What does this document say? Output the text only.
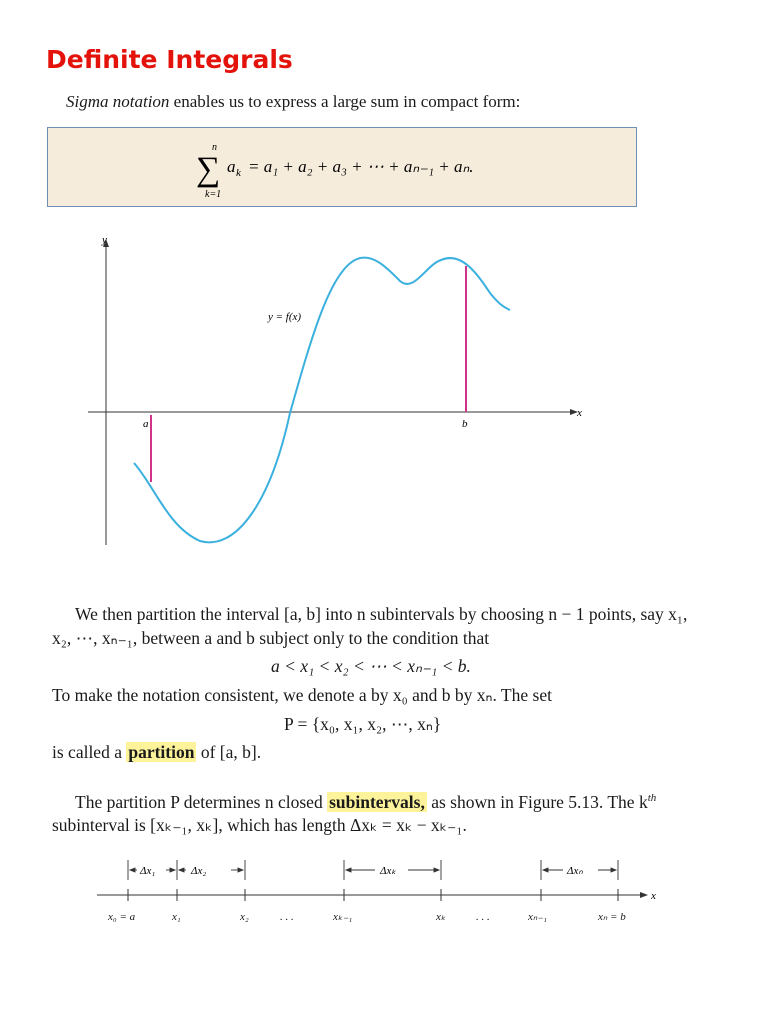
Definite Integrals
Sigma notation enables us to express a large sum in compact form:
n
∑
k=1
a k = a₁ + a₂ + a₃ + ⋯ + aₙ₋₁ + aₙ.
y
x
a	b
y = f(x)
We then partition the interval [a, b] into n subintervals by choosing n − 1 points, say x₁,
x₂, ⋯, xₙ₋₁, between a and b subject only to the condition that
a < x₁ < x₂ < ⋯ < xₙ₋₁ < b.
To make the notation consistent, we denote a by x₀ and b by xₙ. The set
P = {x₀, x₁, x₂, ⋯, xₙ}
is called a partition of [a, b].
The partition P determines n closed subintervals, as shown in Figure 5.13. The $k^{th}$
subinterval is [xₖ₋₁, xₖ], which has length Δxₖ = xₖ − xₖ₋₁.
x
Δx₁	Δx₂	Δxₖ	Δxₙ
x₀ = a	x₁	x₂	. . .	xₖ₋₁	xₖ	. . .	xₙ₋₁	xₙ = b
